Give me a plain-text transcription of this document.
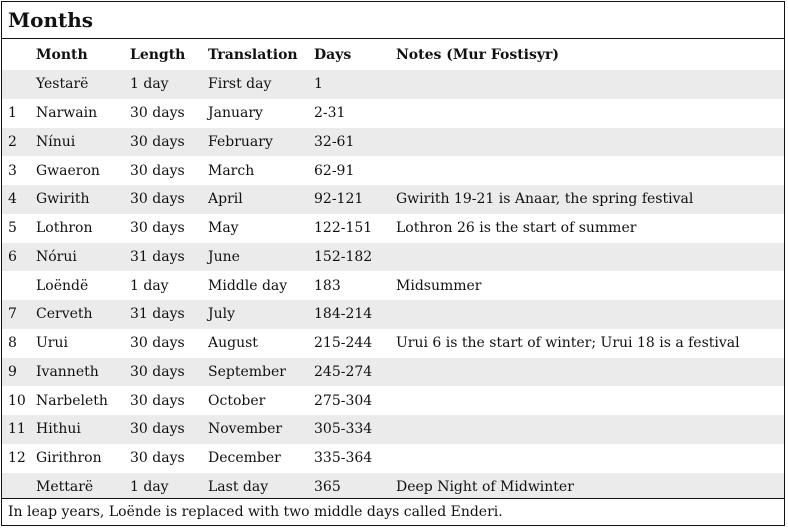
Months
	Month	Length	Translation	Days	Notes (Mur Fostisyr)
	Yestarë	1 day	First day	1	
1	Narwain	30 days	January	2-31	
2	Nínui	30 days	February	32-61	
3	Gwaeron	30 days	March	62-91	
4	Gwirith	30 days	April	92-121	Gwirith 19-21 is Anaar, the spring festival
5	Lothron	30 days	May	122-151	Lothron 26 is the start of summer
6	Nórui	31 days	June	152-182	
	Loëndë	1 day	Middle day	183	Midsummer
7	Cerveth	31 days	July	184-214	
8	Urui	30 days	August	215-244	Urui 6 is the start of winter; Urui 18 is a festival
9	Ivanneth	30 days	September	245-274	
10	Narbeleth	30 days	October	275-304	
11	Hithui	30 days	November	305-334	
12	Girithron	30 days	December	335-364	
	Mettarë	1 day	Last day	365	Deep Night of Midwinter
In leap years, Loënde is replaced with two middle days called Enderi.
